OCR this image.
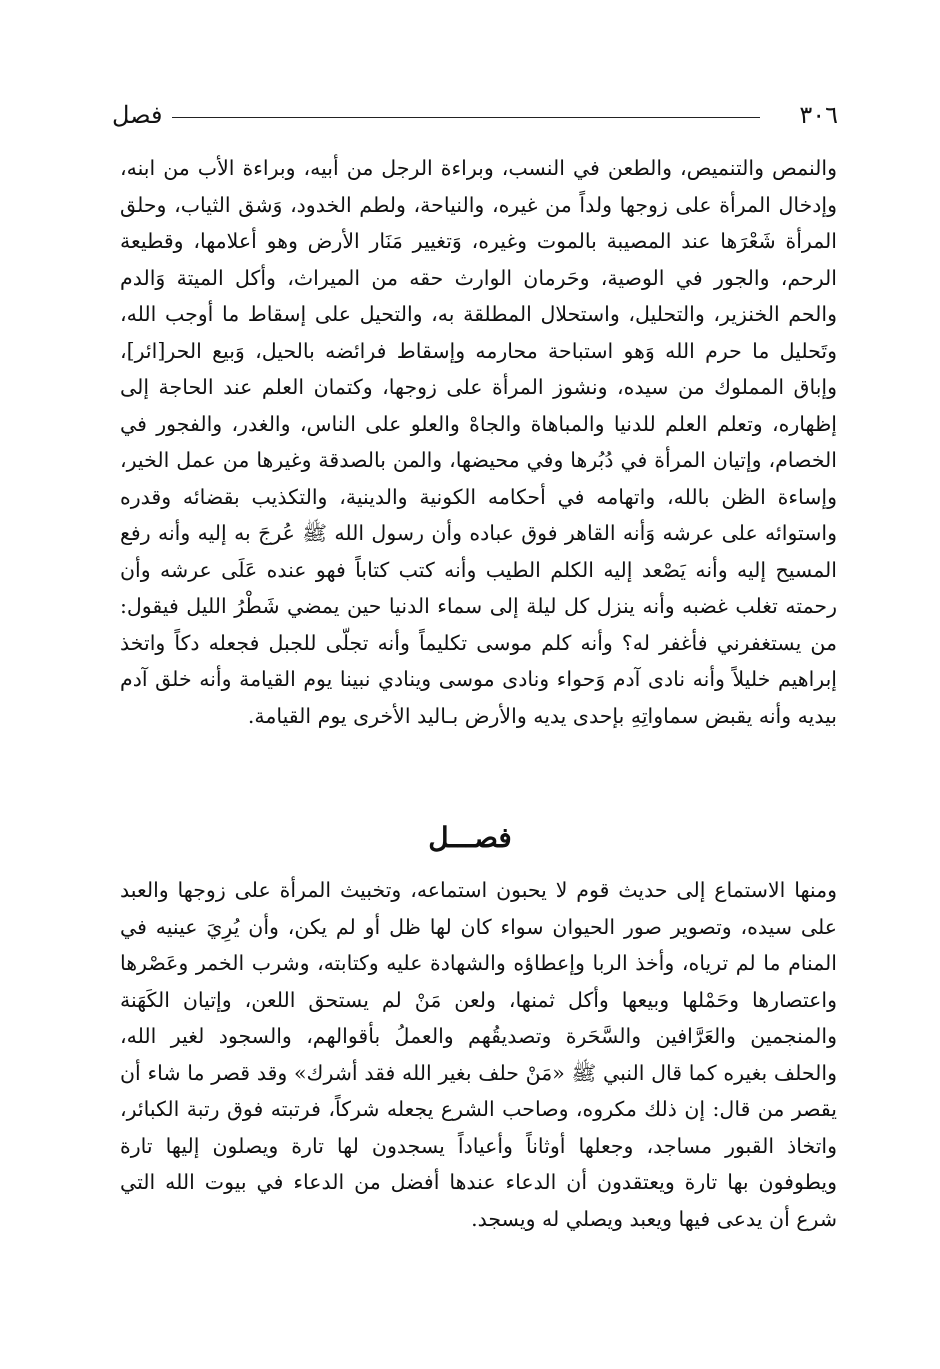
٣٠٦
فصل

والنمص والتنميص، والطعن في النسب، وبراءة الرجل من أبيه، وبراءة الأب من ابنه، وإدخال المرأة على زوجها ولداً من غيره، والنياحة، ولطم الخدود، وَشق الثياب، وحلق المرأة شَعْرَها عند المصيبة بالموت وغيره، وَتغيير مَنَار الأرض وهو أعلامها، وقطيعة الرحم، والجور في الوصية، وحَرمان الوارث حقه من الميراث، وأكل الميتة وَالدم والحم الخنزير، والتحليل، واستحلال المطلقة به، والتحيل على إسقاط ما أوجب الله، وتَحليل ما حرم الله وَهو استباحة محارمه وإسقاط فرائضه بالحيل، وَبيع الحر[ائر]، وإباق المملوك من سيده، ونشوز المرأة على زوجها، وكتمان العلم عند الحاجة إلى إظهاره، وتعلم العلم للدنيا والمباهاة والجاهْ والعلو على الناس، والغدر، والفجور في الخصام، وإتيان المرأة في دُبُرها وفي محيضها، والمن بالصدقة وغيرها من عمل الخير، وإساءة الظن بالله، واتهامه في أحكامه الكونية والدينية، والتكذيب بقضائه وقدره واستوائه على عرشه وَأنه القاهر فوق عباده وأن رسول الله ﷺ عُرجَ به إليه وأنه رفع المسيح إليه وأنه يَصْعد إليه الكلم الطيب وأنه كتب كتاباً فهو عنده عَلَى عرشه وأن رحمته تغلب غضبه وأنه ينزل كل ليلة إلى سماء الدنيا حين يمضي شَطْرُ الليل فيقول: من يستغفرني فأغفر له؟ وأنه كلم موسى تكليماً وأنه تجلّى للجبل فجعله دكاً واتخذ إبراهيم خليلاً وأنه نادى آدم وَحواء ونادى موسى وينادي نبينا يوم القيامة وأنه خلق آدم بيديه وأنه يقبض سماواتِهِ بإحدى يديه والأرض بـاليد الأخرى يوم القيامة.

فصـــل

ومنها الاستماع إلى حديث قوم لا يحبون استماعه، وتخبيث المرأة على زوجها والعبد على سيده، وتصوير صور الحيوان سواء كان لها ظل أو لم يكن، وأن يُرِيَ عينيه في المنام ما لم ترياه، وأخذ الربا وإعطاؤه والشهادة عليه وكتابته، وشرب الخمر وعَصْرها واعتصارها وحَمْلها وبيعها وأكل ثمنها، ولعن مَنْ لم يستحق اللعن، وإتيان الكَهَنة والمنجمين والعَرَّافين والسَّحَرة وتصديقُهم والعملُ بأقوالهم، والسجود لغير الله، والحلف بغيره كما قال النبي ﷺ «مَنْ حلف بغير الله فقد أشرك» وقد قصر ما شاء أن يقصر من قال: إن ذلك مكروه، وصاحب الشرع يجعله شركاً، فرتبته فوق رتبة الكبائر، واتخاذ القبور مساجد، وجعلها أوثاناً وأعياداً يسجدون لها تارة ويصلون إليها تارة ويطوفون بها تارة ويعتقدون أن الدعاء عندها أفضل من الدعاء في بيوت الله التي شرع أن يدعى فيها ويعبد ويصلي له ويسجد.
